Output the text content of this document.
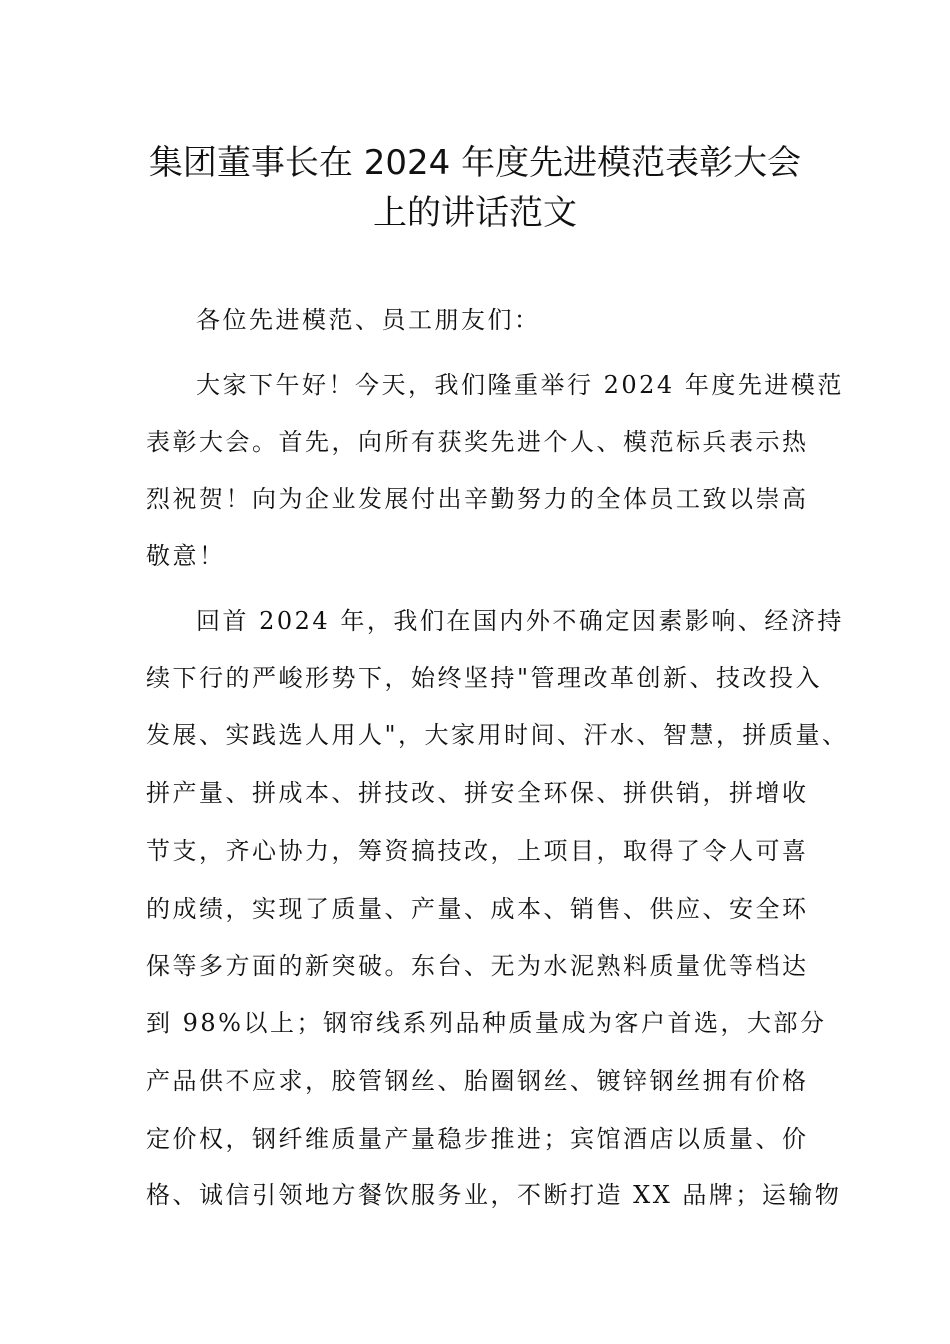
集团董事长在 2024 年度先进模范表彰大会
上的讲话范文
各位先进模范、员工朋友们：
大家下午好！今天，我们隆重举行 2024 年度先进模范
表彰大会。首先，向所有获奖先进个人、模范标兵表示热
烈祝贺！向为企业发展付出辛勤努力的全体员工致以崇高
敬意！
回首 2024 年，我们在国内外不确定因素影响、经济持
续下行的严峻形势下，始终坚持"管理改革创新、技改投入
发展、实践选人用人"，大家用时间、汗水、智慧，拼质量、
拼产量、拼成本、拼技改、拼安全环保、拼供销，拼增收
节支，齐心协力，筹资搞技改，上项目，取得了令人可喜
的成绩，实现了质量、产量、成本、销售、供应、安全环
保等多方面的新突破。东台、无为水泥熟料质量优等档达
到 98%以上；钢帘线系列品种质量成为客户首选，大部分
产品供不应求，胶管钢丝、胎圈钢丝、镀锌钢丝拥有价格
定价权，钢纤维质量产量稳步推进；宾馆酒店以质量、价
格、诚信引领地方餐饮服务业，不断打造 XX 品牌；运输物
